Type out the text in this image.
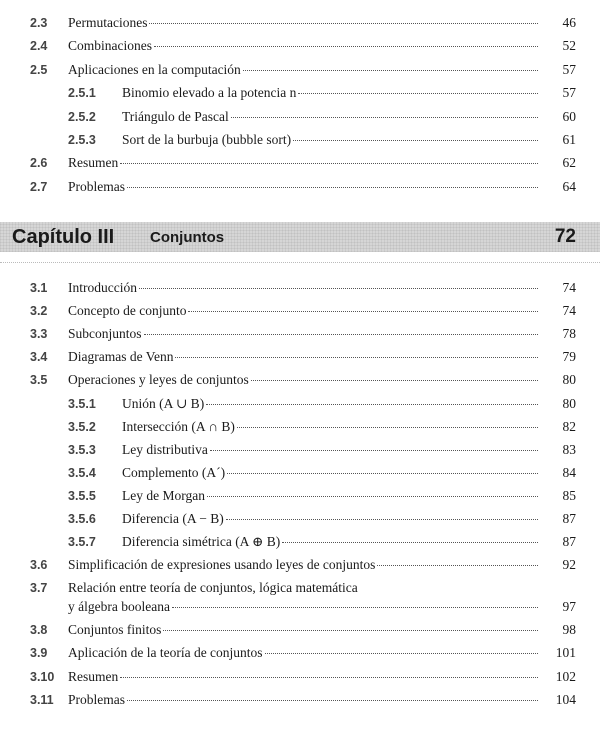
2.3 Permutaciones	46
2.4 Combinaciones	52
2.5 Aplicaciones en la computación	57
2.5.1 Binomio elevado a la potencia n	57
2.5.2 Triángulo de Pascal	60
2.5.3 Sort de la burbuja (bubble sort)	61
2.6 Resumen	62
2.7 Problemas	64
Capítulo III Conjuntos	72
3.1 Introducción	74
3.2 Concepto de conjunto	74
3.3 Subconjuntos	78
3.4 Diagramas de Venn	79
3.5 Operaciones y leyes de conjuntos	80
3.5.1 Unión (A ∪ B)	80
3.5.2 Intersección (A ∩ B)	82
3.5.3 Ley distributiva	83
3.5.4 Complemento (A´)	84
3.5.5 Ley de Morgan	85
3.5.6 Diferencia (A − B)	87
3.5.7 Diferencia simétrica (A ⊕ B)	87
3.6 Simplificación de expresiones usando leyes de conjuntos	92
3.7 Relación entre teoría de conjuntos, lógica matemática
y álgebra booleana	97
3.8 Conjuntos finitos	98
3.9 Aplicación de la teoría de conjuntos	101
3.10 Resumen	102
3.11 Problemas	104
